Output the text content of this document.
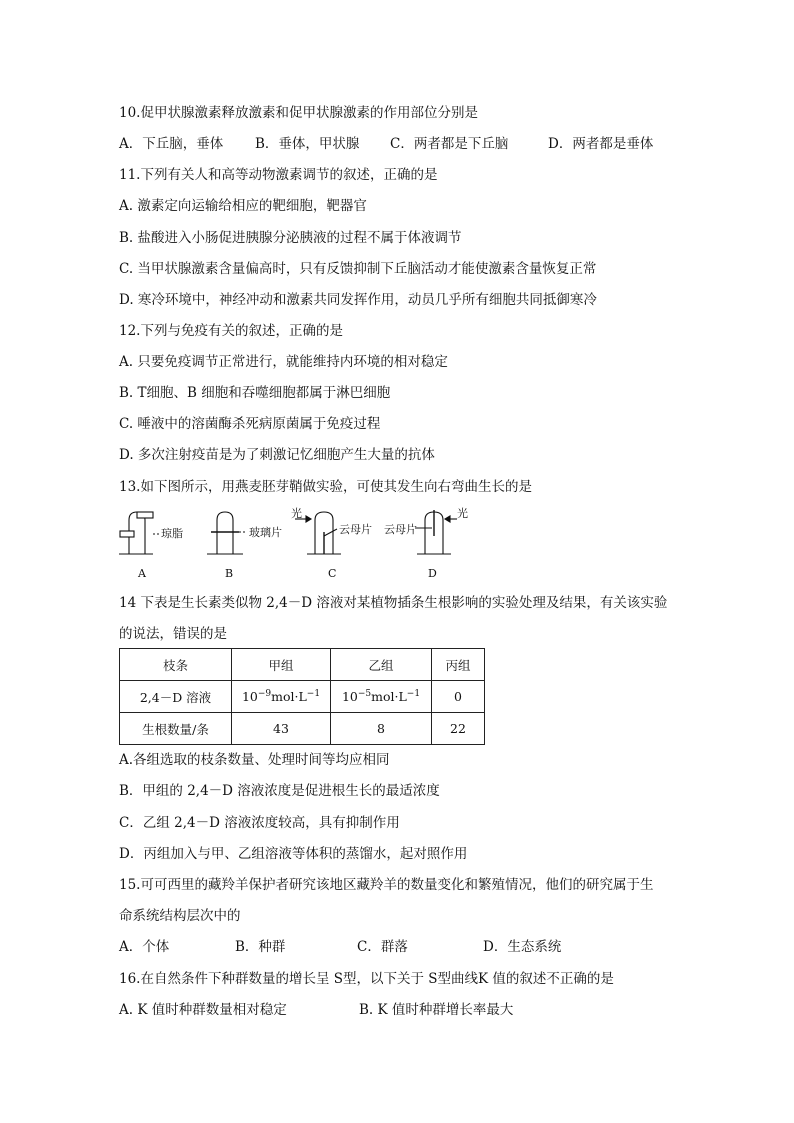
10.促甲状腺激素释放激素和促甲状腺激素的作用部位分别是
A．下丘脑，垂体 B．垂体，甲状腺 C．两者都是下丘脑	D．两者都是垂体
11.下列有关人和高等动物激素调节的叙述，正确的是
A. 激素定向运输给相应的靶细胞，靶器官
B. 盐酸进入小肠促进胰腺分泌胰液的过程不属于体液调节
C. 当甲状腺激素含量偏高时，只有反馈抑制下丘脑活动才能使激素含量恢复正常
D. 寒冷环境中，神经冲动和激素共同发挥作用，动员几乎所有细胞共同抵御寒冷
12.下列与免疫有关的叙述，正确的是
A. 只要免疫调节正常进行，就能维持内环境的相对稳定
B. T细胞、B 细胞和吞噬细胞都属于淋巴细胞
C. 唾液中的溶菌酶杀死病原菌属于免疫过程
D. 多次注射疫苗是为了刺激记忆细胞产生大量的抗体
13.如下图所示，用燕麦胚芽鞘做实验，可使其发生向右弯曲生长的是
琼脂	玻璃片
光
云母片 云母片
光
A	B	C	D
14 下表是生长素类似物 2,4－D 溶液对某植物插条生根影响的实验处理及结果，有关该实验
的说法，错误的是
枝条	甲组	乙组	丙组
2,4－D 溶液	$10^{-9}mol\cdot L^{-1}$	$10^{-5}mol\cdot L^{-1}$	0
生根数量/条	43	8	22
A.各组选取的枝条数量、处理时间等均应相同
B．甲组的 2,4－D 溶液浓度是促进根生长的最适浓度
C．乙组 2,4－D 溶液浓度较高，具有抑制作用
D．丙组加入与甲、乙组溶液等体积的蒸馏水，起对照作用
15.可可西里的藏羚羊保护者研究该地区藏羚羊的数量变化和繁殖情况，他们的研究属于生
命系统结构层次中的
A．个体	B．种群	C．群落	D．生态系统
16.在自然条件下种群数量的增长呈 S型，以下关于 S型曲线K 值的叙述不正确的是
A. K 值时种群数量相对稳定	B. K 值时种群增长率最大
